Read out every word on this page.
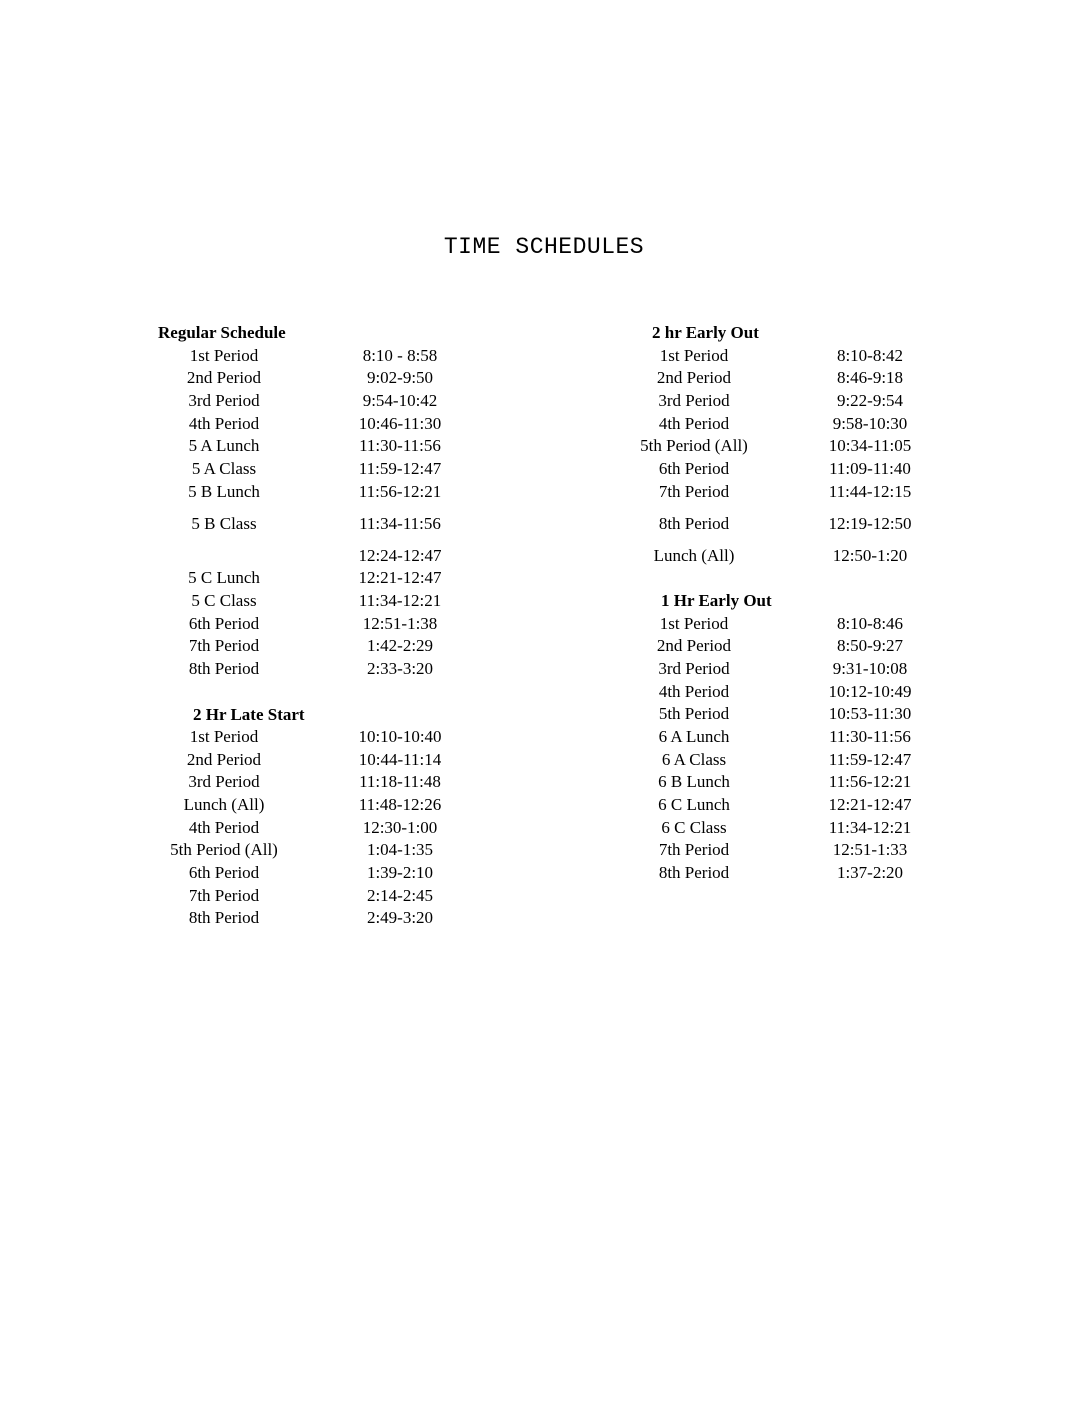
TIME SCHEDULES
Regular Schedule
1st Period	8:10 - 8:58
2nd Period	9:02-9:50
3rd Period	9:54-10:42
4th Period	10:46-11:30
5 A Lunch	11:30-11:56
5 A Class	11:59-12:47
5 B Lunch	11:56-12:21
5 B Class	11:34-11:56
12:24-12:47
5 C Lunch	12:21-12:47
5 C Class	11:34-12:21
6th Period	12:51-1:38
7th Period	1:42-2:29
8th Period	2:33-3:20
2 Hr Late Start
1st Period	10:10-10:40
2nd Period	10:44-11:14
3rd Period	11:18-11:48
Lunch (All)	11:48-12:26
4th Period	12:30-1:00
5th Period (All)	1:04-1:35
6th Period	1:39-2:10
7th Period	2:14-2:45
8th Period	2:49-3:20
2 hr Early Out
1st Period	8:10-8:42
2nd Period	8:46-9:18
3rd Period	9:22-9:54
4th Period	9:58-10:30
5th Period (All)	10:34-11:05
6th Period	11:09-11:40
7th Period	11:44-12:15
8th Period	12:19-12:50
Lunch (All)	12:50-1:20
1 Hr Early Out
1st Period	8:10-8:46
2nd Period	8:50-9:27
3rd Period	9:31-10:08
4th Period	10:12-10:49
5th Period	10:53-11:30
6 A Lunch	11:30-11:56
6 A Class	11:59-12:47
6 B Lunch	11:56-12:21
6 C Lunch	12:21-12:47
6 C Class	11:34-12:21
7th Period	12:51-1:33
8th Period	1:37-2:20
